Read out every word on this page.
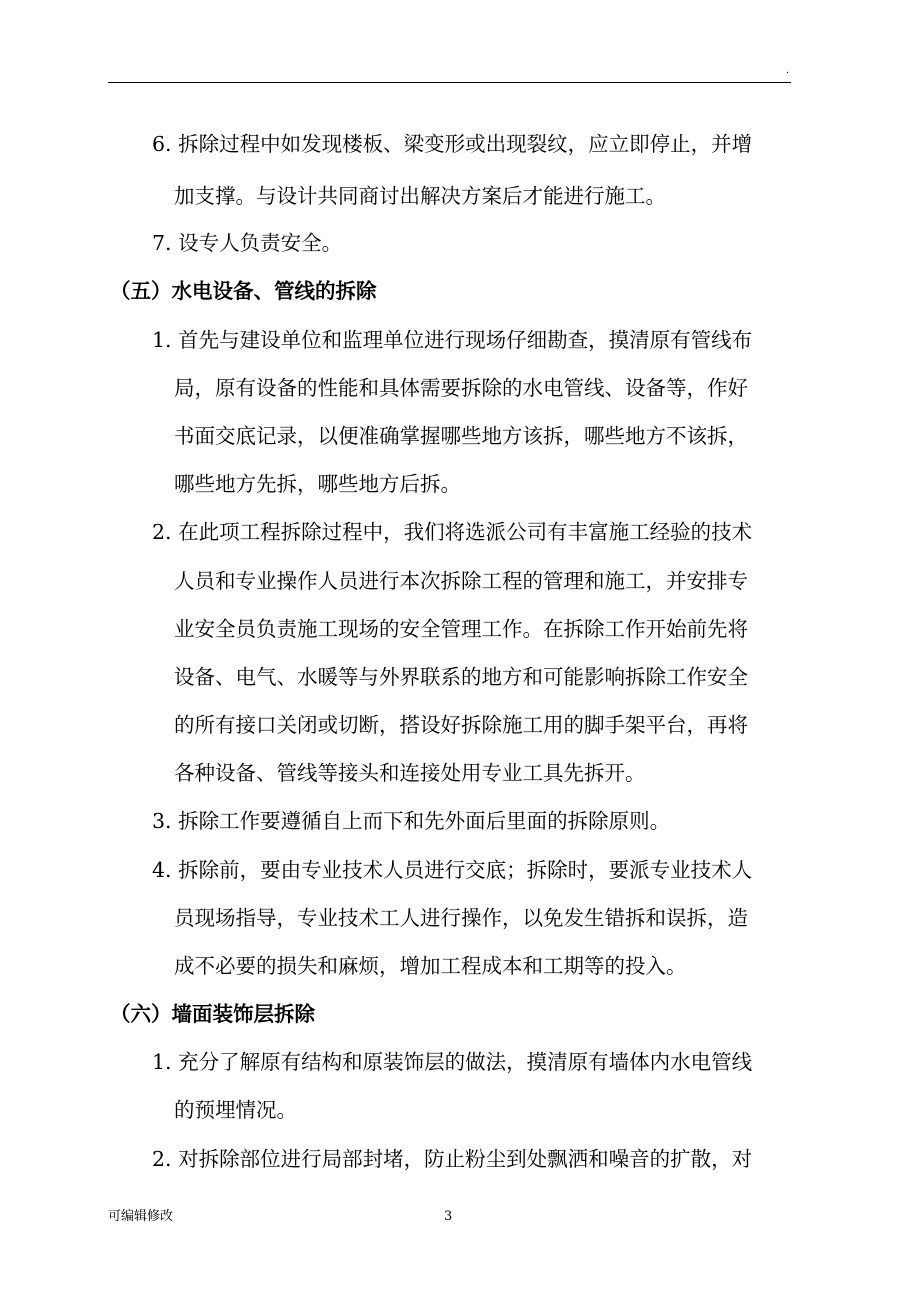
.
6. 拆除过程中如发现楼板、梁变形或出现裂纹，应立即停止，并增
加支撑。与设计共同商讨出解决方案后才能进行施工。
7. 设专人负责安全。
（五）水电设备、管线的拆除
1. 首先与建设单位和监理单位进行现场仔细勘查，摸清原有管线布
局，原有设备的性能和具体需要拆除的水电管线、设备等，作好
书面交底记录，以便准确掌握哪些地方该拆，哪些地方不该拆，
哪些地方先拆，哪些地方后拆。
2. 在此项工程拆除过程中，我们将选派公司有丰富施工经验的技术
人员和专业操作人员进行本次拆除工程的管理和施工，并安排专
业安全员负责施工现场的安全管理工作。在拆除工作开始前先将
设备、电气、水暖等与外界联系的地方和可能影响拆除工作安全
的所有接口关闭或切断，搭设好拆除施工用的脚手架平台，再将
各种设备、管线等接头和连接处用专业工具先拆开。
3. 拆除工作要遵循自上而下和先外面后里面的拆除原则。
4. 拆除前，要由专业技术人员进行交底；拆除时，要派专业技术人
员现场指导，专业技术工人进行操作，以免发生错拆和误拆，造
成不必要的损失和麻烦，增加工程成本和工期等的投入。
（六）墙面装饰层拆除
1. 充分了解原有结构和原装饰层的做法，摸清原有墙体内水电管线
的预埋情况。
2. 对拆除部位进行局部封堵，防止粉尘到处飘洒和噪音的扩散，对
可编辑修改	3
